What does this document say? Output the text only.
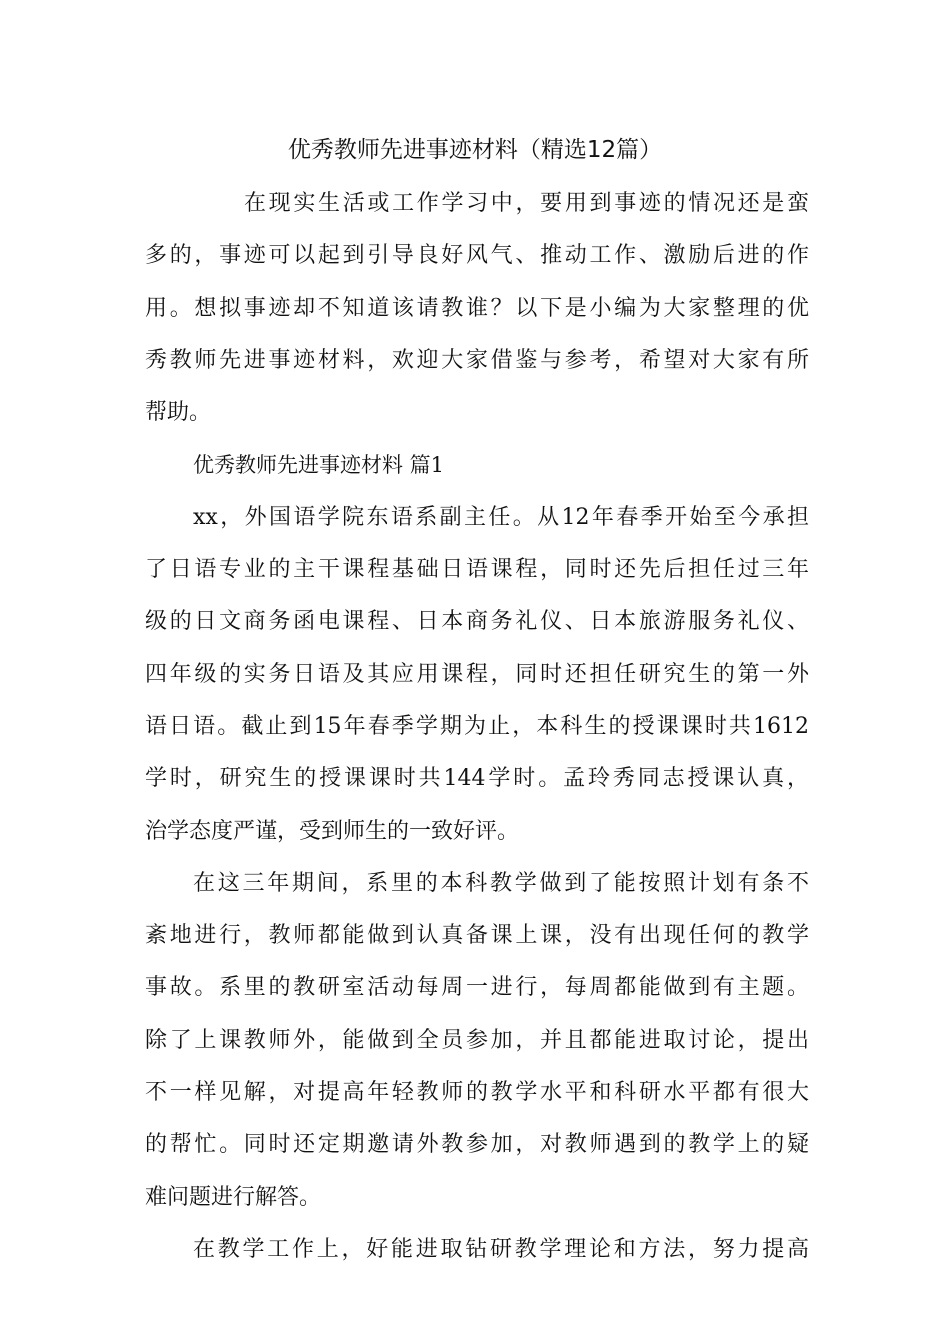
优秀教师先进事迹材料（精选12篇）
在现实生活或工作学习中，要用到事迹的情况还是蛮
多的，事迹可以起到引导良好风气、推动工作、激励后进的作
用。想拟事迹却不知道该请教谁？以下是小编为大家整理的优
秀教师先进事迹材料，欢迎大家借鉴与参考，希望对大家有所
帮助。
优秀教师先进事迹材料 篇1
xx，外国语学院东语系副主任。从12年春季开始至今承担
了日语专业的主干课程基础日语课程，同时还先后担任过三年
级的日文商务函电课程、日本商务礼仪、日本旅游服务礼仪、
四年级的实务日语及其应用课程，同时还担任研究生的第一外
语日语。截止到15年春季学期为止，本科生的授课课时共1612
学时，研究生的授课课时共144学时。孟玲秀同志授课认真，
治学态度严谨，受到师生的一致好评。
在这三年期间，系里的本科教学做到了能按照计划有条不
紊地进行，教师都能做到认真备课上课，没有出现任何的教学
事故。系里的教研室活动每周一进行，每周都能做到有主题。
除了上课教师外，能做到全员参加，并且都能进取讨论，提出
不一样见解，对提高年轻教师的教学水平和科研水平都有很大
的帮忙。同时还定期邀请外教参加，对教师遇到的教学上的疑
难问题进行解答。
在教学工作上，好能进取钻研教学理论和方法，努力提高
